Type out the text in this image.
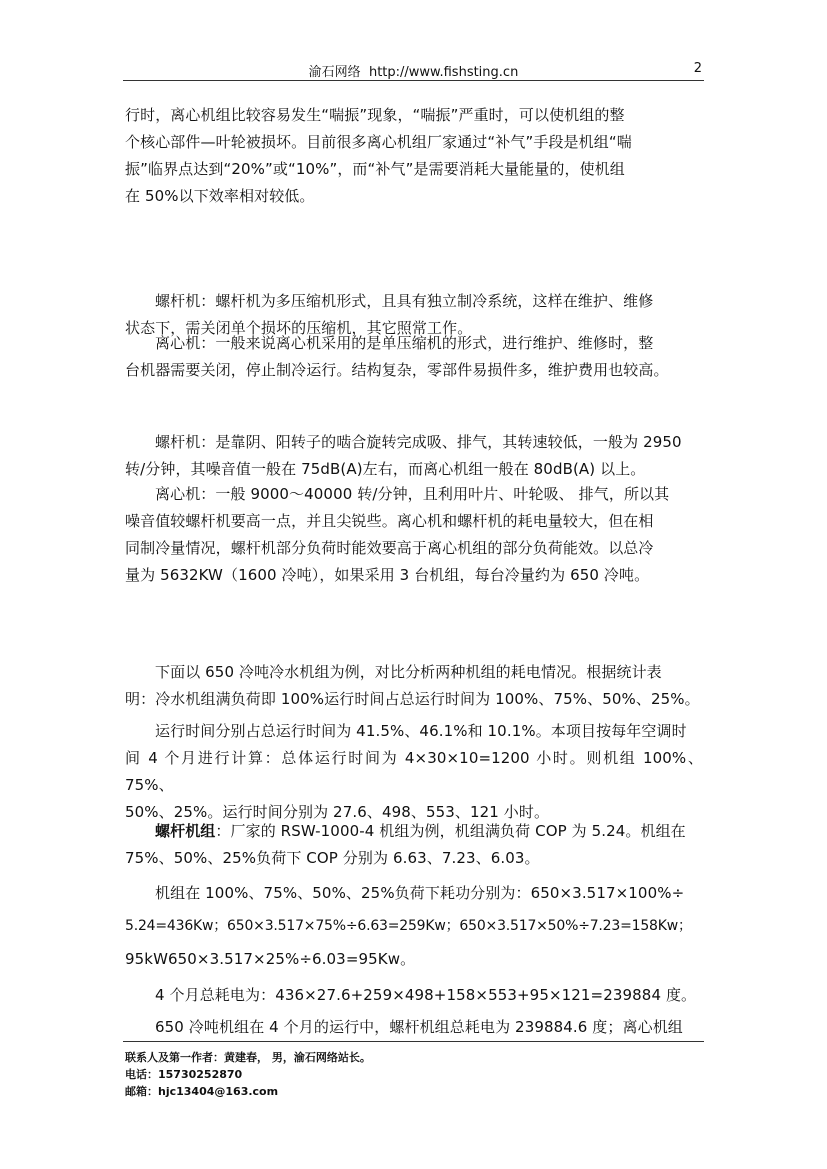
渝石网络 http://www.fishsting.cn	2

行时，离心机组比较容易发生“喘振”现象，“喘振”严重时，可以使机组的整

个核心部件—叶轮被损坏。目前很多离心机组厂家通过“补气”手段是机组“喘

振”临界点达到“20%”或“10%”，而“补气”是需要消耗大量能量的，使机组

在 50%以下效率相对较低。

螺杆机：螺杆机为多压缩机形式，且具有独立制冷系统，这样在维护、维修

状态下，需关闭单个损坏的压缩机，其它照常工作。

离心机：一般来说离心机采用的是单压缩机的形式，进行维护、维修时，整

台机器需要关闭，停止制冷运行。结构复杂，零部件易损件多，维护费用也较高。

螺杆机：是靠阴、阳转子的啮合旋转完成吸、排气，其转速较低，一般为 2950

转/分钟，其噪音值一般在 75dB(A)左右，而离心机组一般在 80dB(A) 以上。

离心机：一般 9000～40000 转/分钟，且利用叶片、叶轮吸、 排气，所以其

噪音值较螺杆机要高一点，并且尖锐些。离心机和螺杆机的耗电量较大，但在相

同制冷量情况，螺杆机部分负荷时能效要高于离心机组的部分负荷能效。以总冷

量为 5632KW（1600 冷吨），如果采用 3 台机组，每台冷量约为 650 冷吨。

下面以 650 冷吨冷水机组为例，对比分析两种机组的耗电情况。根据统计表

明：冷水机组满负荷即 100%运行时间占总运行时间为 100%、75%、50%、25%。

运行时间分别占总运行时间为 41.5%、46.1%和 10.1%。本项目按每年空调时

间 4 个月进行计算：总体运行时间为 4×30×10=1200 小时。则机组 100%、75%、

50%、25%。运行时间分别为 27.6、498、553、121 小时。

螺杆机组：厂家的 RSW-1000-4 机组为例，机组满负荷 COP 为 5.24。机组在

75%、50%、25%负荷下 COP 分别为 6.63、7.23、6.03。

机组在 100%、75%、50%、25%负荷下耗功分别为：650×3.517×100%÷

5.24=436Kw；650×3.517×75%÷6.63=259Kw；650×3.517×50%÷7.23=158Kw；

95kW650×3.517×25%÷6.03=95Kw。

4 个月总耗电为：436×27.6+259×498+158×553+95×121=239884 度。

650 冷吨机组在 4 个月的运行中，螺杆机组总耗电为 239884.6 度；离心机组

联系人及第一作者：黄建春， 男，渝石网络站长。
电话：15730252870
邮箱：hjc13404@163.com
